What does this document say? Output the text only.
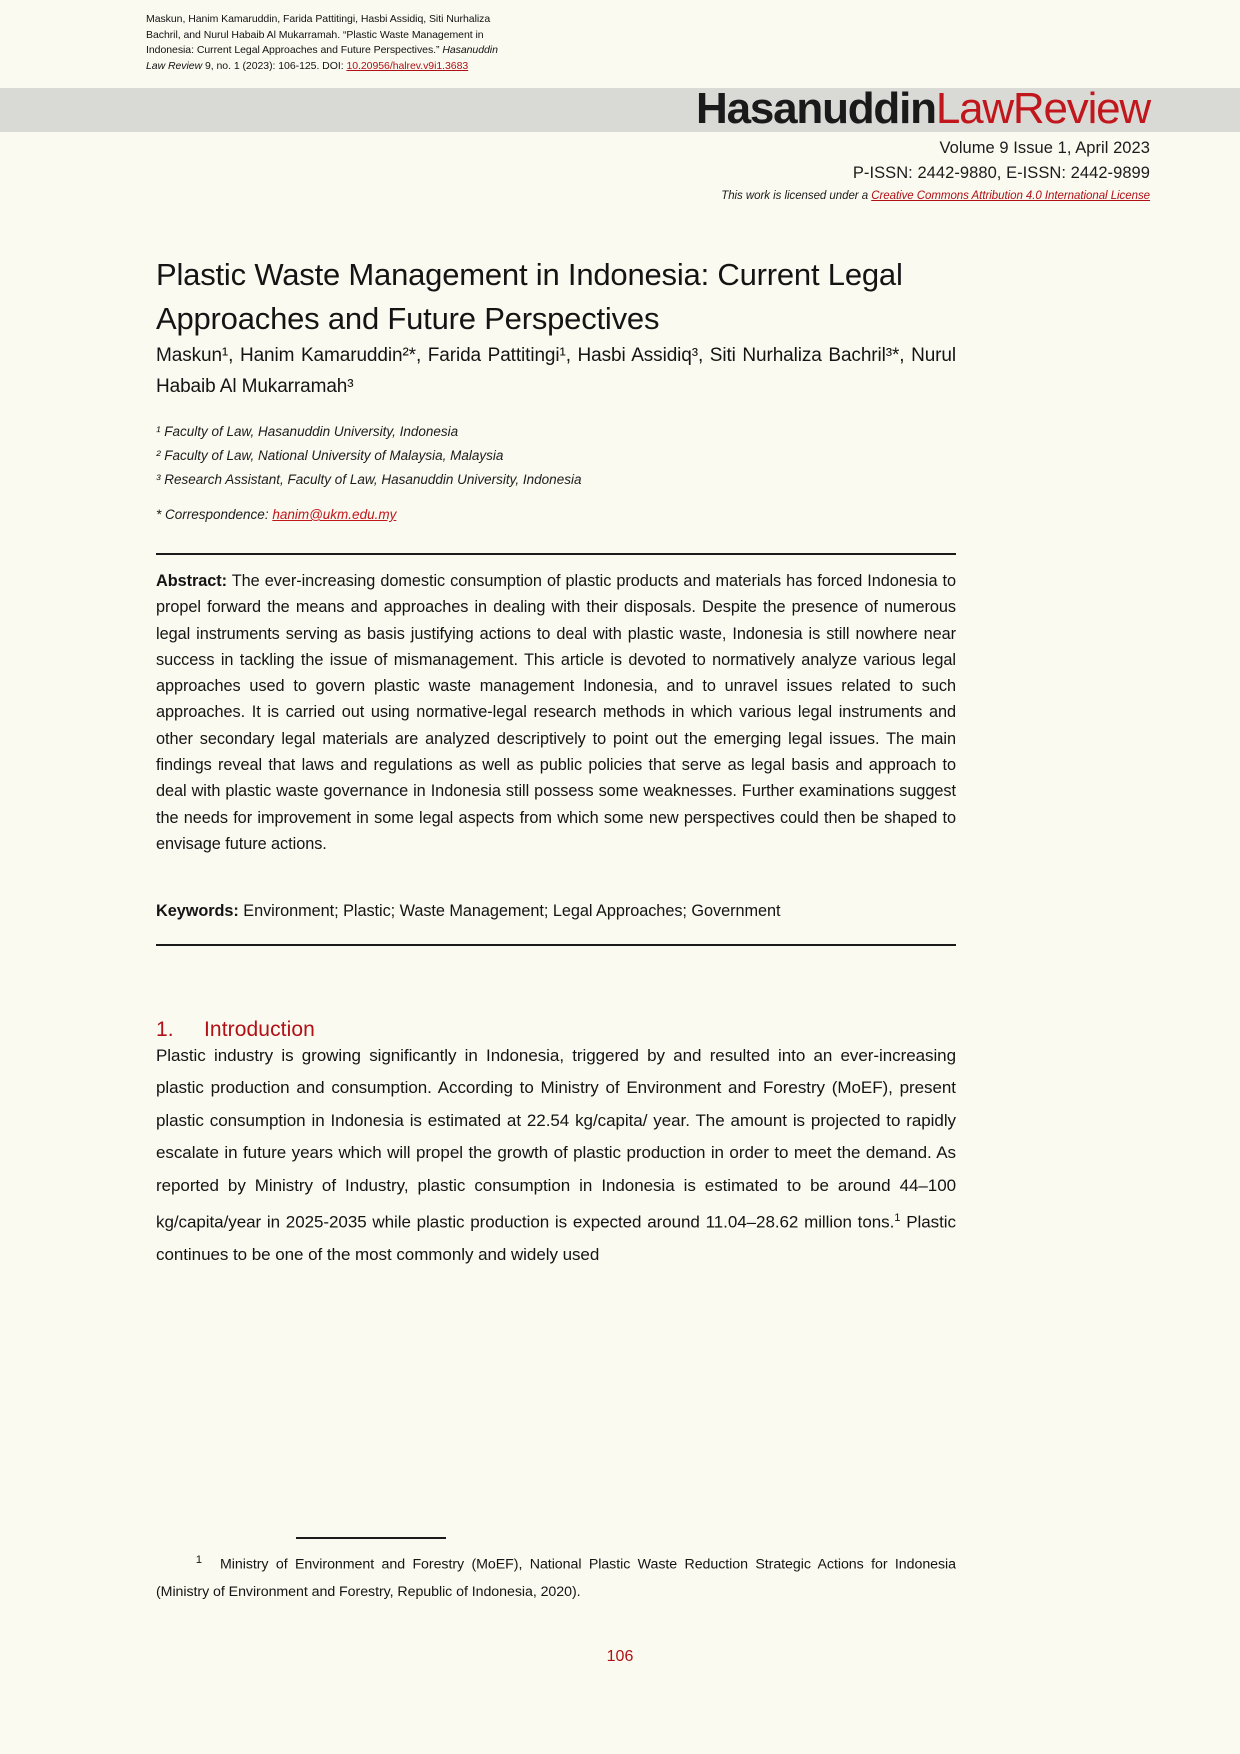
Maskun, Hanim Kamaruddin, Farida Pattitingi, Hasbi Assidiq, Siti Nurhaliza Bachril, and Nurul Habaib Al Mukarramah. “Plastic Waste Management in Indonesia: Current Legal Approaches and Future Perspectives.” Hasanuddin Law Review 9, no. 1 (2023): 106-125. DOI: 10.20956/halrev.v9i1.3683
HasanuddinLawReview
Volume 9 Issue 1, April 2023
P-ISSN: 2442-9880, E-ISSN: 2442-9899
This work is licensed under a Creative Commons Attribution 4.0 International License
Plastic Waste Management in Indonesia: Current Legal Approaches and Future Perspectives
Maskun¹, Hanim Kamaruddin²*, Farida Pattitingi¹, Hasbi Assidiq³, Siti Nurhaliza Bachril³*, Nurul Habaib Al Mukarramah³
¹ Faculty of Law, Hasanuddin University, Indonesia
² Faculty of Law, National University of Malaysia, Malaysia
³ Research Assistant, Faculty of Law, Hasanuddin University, Indonesia
* Correspondence: hanim@ukm.edu.my
Abstract: The ever-increasing domestic consumption of plastic products and materials has forced Indonesia to propel forward the means and approaches in dealing with their disposals. Despite the presence of numerous legal instruments serving as basis justifying actions to deal with plastic waste, Indonesia is still nowhere near success in tackling the issue of mismanagement. This article is devoted to normatively analyze various legal approaches used to govern plastic waste management Indonesia, and to unravel issues related to such approaches. It is carried out using normative-legal research methods in which various legal instruments and other secondary legal materials are analyzed descriptively to point out the emerging legal issues. The main findings reveal that laws and regulations as well as public policies that serve as legal basis and approach to deal with plastic waste governance in Indonesia still possess some weaknesses. Further examinations suggest the needs for improvement in some legal aspects from which some new perspectives could then be shaped to envisage future actions.
Keywords: Environment; Plastic; Waste Management; Legal Approaches; Government
1. Introduction
Plastic industry is growing significantly in Indonesia, triggered by and resulted into an ever-increasing plastic production and consumption. According to Ministry of Environment and Forestry (MoEF), present plastic consumption in Indonesia is estimated at 22.54 kg/capita/ year. The amount is projected to rapidly escalate in future years which will propel the growth of plastic production in order to meet the demand. As reported by Ministry of Industry, plastic consumption in Indonesia is estimated to be around 44–100 kg/capita/year in 2025-2035 while plastic production is expected around 11.04–28.62 million tons.$^1$ Plastic continues to be one of the most commonly and widely used
$^1$ Ministry of Environment and Forestry (MoEF), National Plastic Waste Reduction Strategic Actions for Indonesia (Ministry of Environment and Forestry, Republic of Indonesia, 2020).
106
